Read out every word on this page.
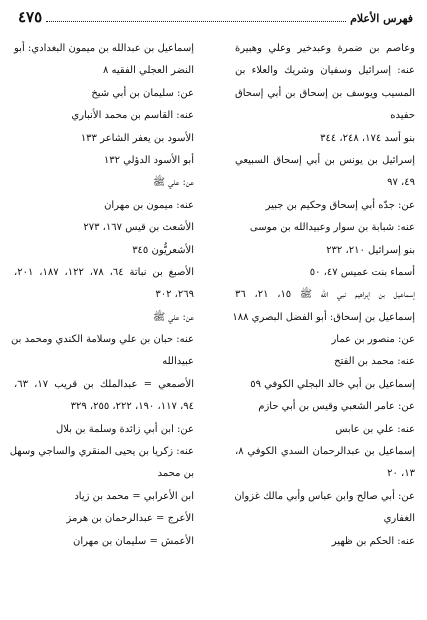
فهرس الأعلام
٤٧٥
وعاصم بن ضمرة وعبدخير وعلي وهبيرة
عنه: إسرائيل وسفيان وشريك والعلاء بن
المسيب ويوسف بن إسحاق بن أبي إسحاق
حفيده
بنو أسد ١٧٤، ٢٤٨، ٣٤٤
إسرائيل بن يونس بن أبي إسحاق السبيعي
٤٩، ٩٧
عن: جدّه أبي إسحاق وحكيم بن جبير
عنه: شبابة بن سوار وعبيدالله بن موسى
بنو إسرائيل ٢١٠، ٢٣٢
أسماء بنت عميس ٤٧، ٥٠
إسماعيل بن إبراهيم نبي الله ﷺ ١٥، ٢١، ٣٦
إسماعيل بن إسحاق: أبو الفضل البصري ١٨٨
عن: منصور بن عمار
عنه: محمد بن الفتح
إسماعيل بن أبي خالد البجلي الكوفي ٥٩
عن: عامر الشعبي وقيس بن أبي حازم
عنه: علي بن عابس
إسماعيل بن عبدالرحمان السدي الكوفي ٨،
١٣، ٢٠
عن: أبي صالح وابن عباس وأبي مالك غزوان
الغفاري
عنه: الحكم بن ظهير
إسماعيل بن عبدالله بن ميمون البغدادي: أبو
النضر العجلي الفقيه ٨
عن: سليمان بن أبي شيخ
عنه: القاسم بن محمد الأنباري
الأسود بن يعفر الشاعر ١٣٣
أبو الأسود الدؤلي ١٣٢
عن: علي ﷺ
عنه: ميمون بن مهران
الأشعث بن قيس ١٦٧، ٢٧٣
الأشعريُّون ٣٤٥
الأصبغ بن نباتة ٦٤، ٧٨، ١٢٢، ١٨٧، ٢٠١،
٢٦٩، ٣٠٢
عن: علي ﷺ
عنه: حبان بن علي وسلامة الكندي ومحمد بن
عبيدالله
الأصمعي = عبدالملك بن قريب ١٧، ٦٣،
٩٤، ١١٧، ١٩٠، ٢٢٢، ٢٥٥، ٣٢٩
عن: ابن أبي زائدة وسلمة بن بلال
عنه: زكريا بن يحيى المنقري والساجي وسهل
بن محمد
ابن الأعرابي = محمد بن زياد
الأعرج = عبدالرحمان بن هرمز
الأعمش = سليمان بن مهران
